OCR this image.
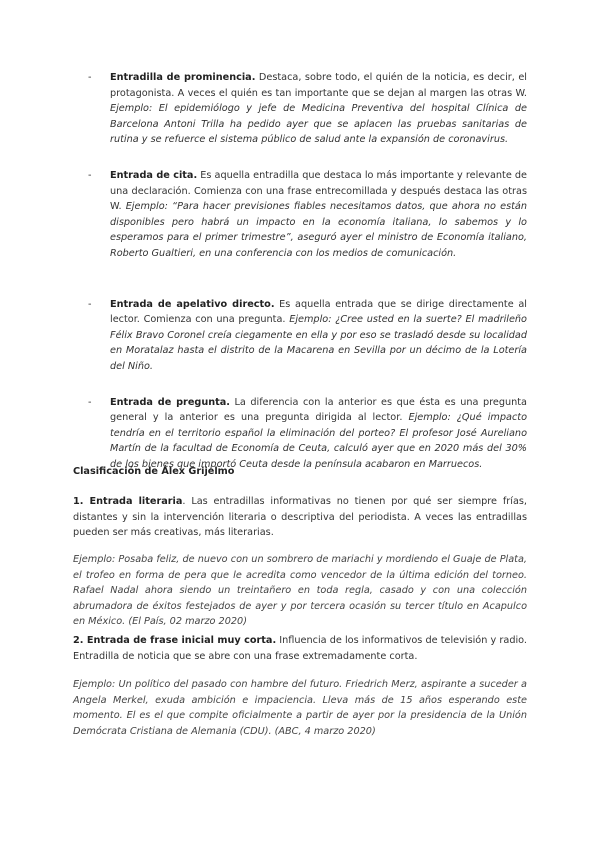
- Entradilla de prominencia. Destaca, sobre todo, el quién de la noticia, es decir, el protagonista. A veces el quién es tan importante que se dejan al margen las otras W. Ejemplo: El epidemiólogo y jefe de Medicina Preventiva del hospital Clínica de Barcelona Antoni Trilla ha pedido ayer que se aplacen las pruebas sanitarias de rutina y se refuerce el sistema público de salud ante la expansión de coronavirus.
- Entrada de cita. Es aquella entradilla que destaca lo más importante y relevante de una declaración. Comienza con una frase entrecomillada y después destaca las otras W. Ejemplo: “Para hacer previsiones fiables necesitamos datos, que ahora no están disponibles pero habrá un impacto en la economía italiana, lo sabemos y lo esperamos para el primer trimestre”, aseguró ayer el ministro de Economía italiano, Roberto Gualtieri, en una conferencia con los medios de comunicación.
- Entrada de apelativo directo. Es aquella entrada que se dirige directamente al lector. Comienza con una pregunta. Ejemplo: ¿Cree usted en la suerte? El madrileño Félix Bravo Coronel creía ciegamente en ella y por eso se trasladó desde su localidad en Moratalaz hasta el distrito de la Macarena en Sevilla por un décimo de la Lotería del Niño.
- Entrada de pregunta. La diferencia con la anterior es que ésta es una pregunta general y la anterior es una pregunta dirigida al lector. Ejemplo: ¿Qué impacto tendría en el territorio español la eliminación del porteo? El profesor José Aureliano Martín de la facultad de Economía de Ceuta, calculó ayer que en 2020 más del 30% de los bienes que importó Ceuta desde la península acabaron en Marruecos.

Clasificación de Álex Grijelmo

1. Entrada literaria. Las entradillas informativas no tienen por qué ser siempre frías, distantes y sin la intervención literaria o descriptiva del periodista. A veces las entradillas pueden ser más creativas, más literarias.

Ejemplo: Posaba feliz, de nuevo con un sombrero de mariachi y mordiendo el Guaje de Plata, el trofeo en forma de pera que le acredita como vencedor de la última edición del torneo. Rafael Nadal ahora siendo un treintañero en toda regla, casado y con una colección abrumadora de éxitos festejados de ayer y por tercera ocasión su tercer título en Acapulco en México. (El País, 02 marzo 2020)

2. Entrada de frase inicial muy corta. Influencia de los informativos de televisión y radio. Entradilla de noticia que se abre con una frase extremadamente corta.

Ejemplo: Un político del pasado con hambre del futuro. Friedrich Merz, aspirante a suceder a Angela Merkel, exuda ambición e impaciencia. Lleva más de 15 años esperando este momento. El es el que compite oficialmente a partir de ayer por la presidencia de la Unión Demócrata Cristiana de Alemania (CDU). (ABC, 4 marzo 2020)
